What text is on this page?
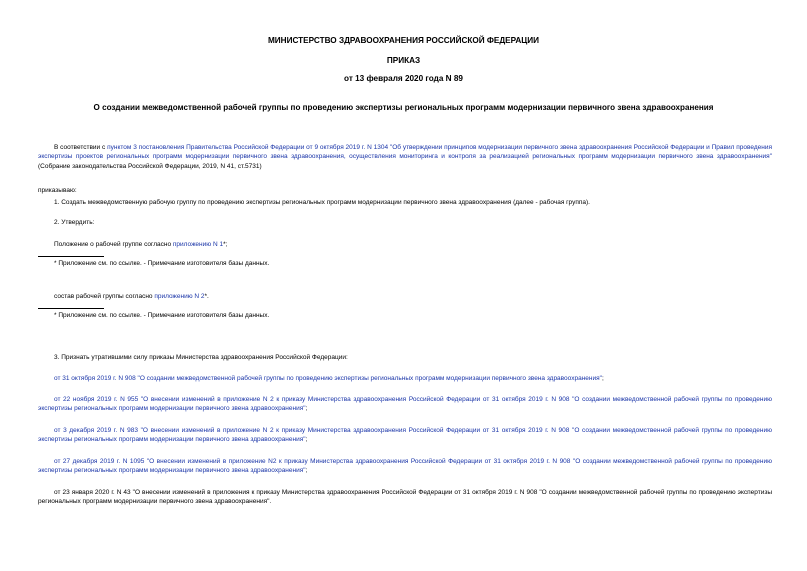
МИНИСТЕРСТВО ЗДРАВООХРАНЕНИЯ РОССИЙСКОЙ ФЕДЕРАЦИИ
ПРИКАЗ
от 13 февраля 2020 года N 89
О создании межведомственной рабочей группы по проведению экспертизы региональных программ модернизации первичного звена здравоохранения
В соответствии с пунктом 3 постановления Правительства Российской Федерации от 9 октября 2019 г. N 1304 "Об утверждении принципов модернизации первичного звена здравоохранения Российской Федерации и Правил проведения экспертизы проектов региональных программ модернизации первичного звена здравоохранения, осуществления мониторинга и контроля за реализацией региональных программ модернизации первичного звена здравоохранения" (Собрание законодательства Российской Федерации, 2019, N 41, ст.5731)
приказываю:
1. Создать межведомственную рабочую группу по проведению экспертизы региональных программ модернизации первичного звена здравоохранения (далее - рабочая группа).
2. Утвердить:
Положение о рабочей группе согласно приложению N 1*;
* Приложение см. по ссылке. - Примечание изготовителя базы данных.
состав рабочей группы согласно приложению N 2*.
* Приложение см. по ссылке. - Примечание изготовителя базы данных.
3. Признать утратившими силу приказы Министерства здравоохранения Российской Федерации:
от 31 октября 2019 г. N 908 "О создании межведомственной рабочей группы по проведению экспертизы региональных программ модернизации первичного звена здравоохранения";
от 22 ноября 2019 г. N 955 "О внесении изменений в приложение N 2 к приказу Министерства здравоохранения Российской Федерации от 31 октября 2019 г. N 908 "О создании межведомственной рабочей группы по проведению экспертизы региональных программ модернизации первичного звена здравоохранения";
от 3 декабря 2019 г. N 983 "О внесении изменений в приложение N 2 к приказу Министерства здравоохранения Российской Федерации от 31 октября 2019 г. N 908 "О создании межведомственной рабочей группы по проведению экспертизы региональных программ модернизации первичного звена здравоохранения";
от 27 декабря 2019 г. N 1095 "О внесении изменений в приложение N2 к приказу Министерства здравоохранения Российской Федерации от 31 октября 2019 г. N 908 "О создании межведомственной рабочей группы по проведению экспертизы региональных программ модернизации первичного звена здравоохранения";
от 23 января 2020 г. N 43 "О внесении изменений в приложения к приказу Министерства здравоохранения Российской Федерации от 31 октября 2019 г. N 908 "О создании межведомственной рабочей группы по проведению экспертизы региональных программ модернизации первичного звена здравоохранения".
